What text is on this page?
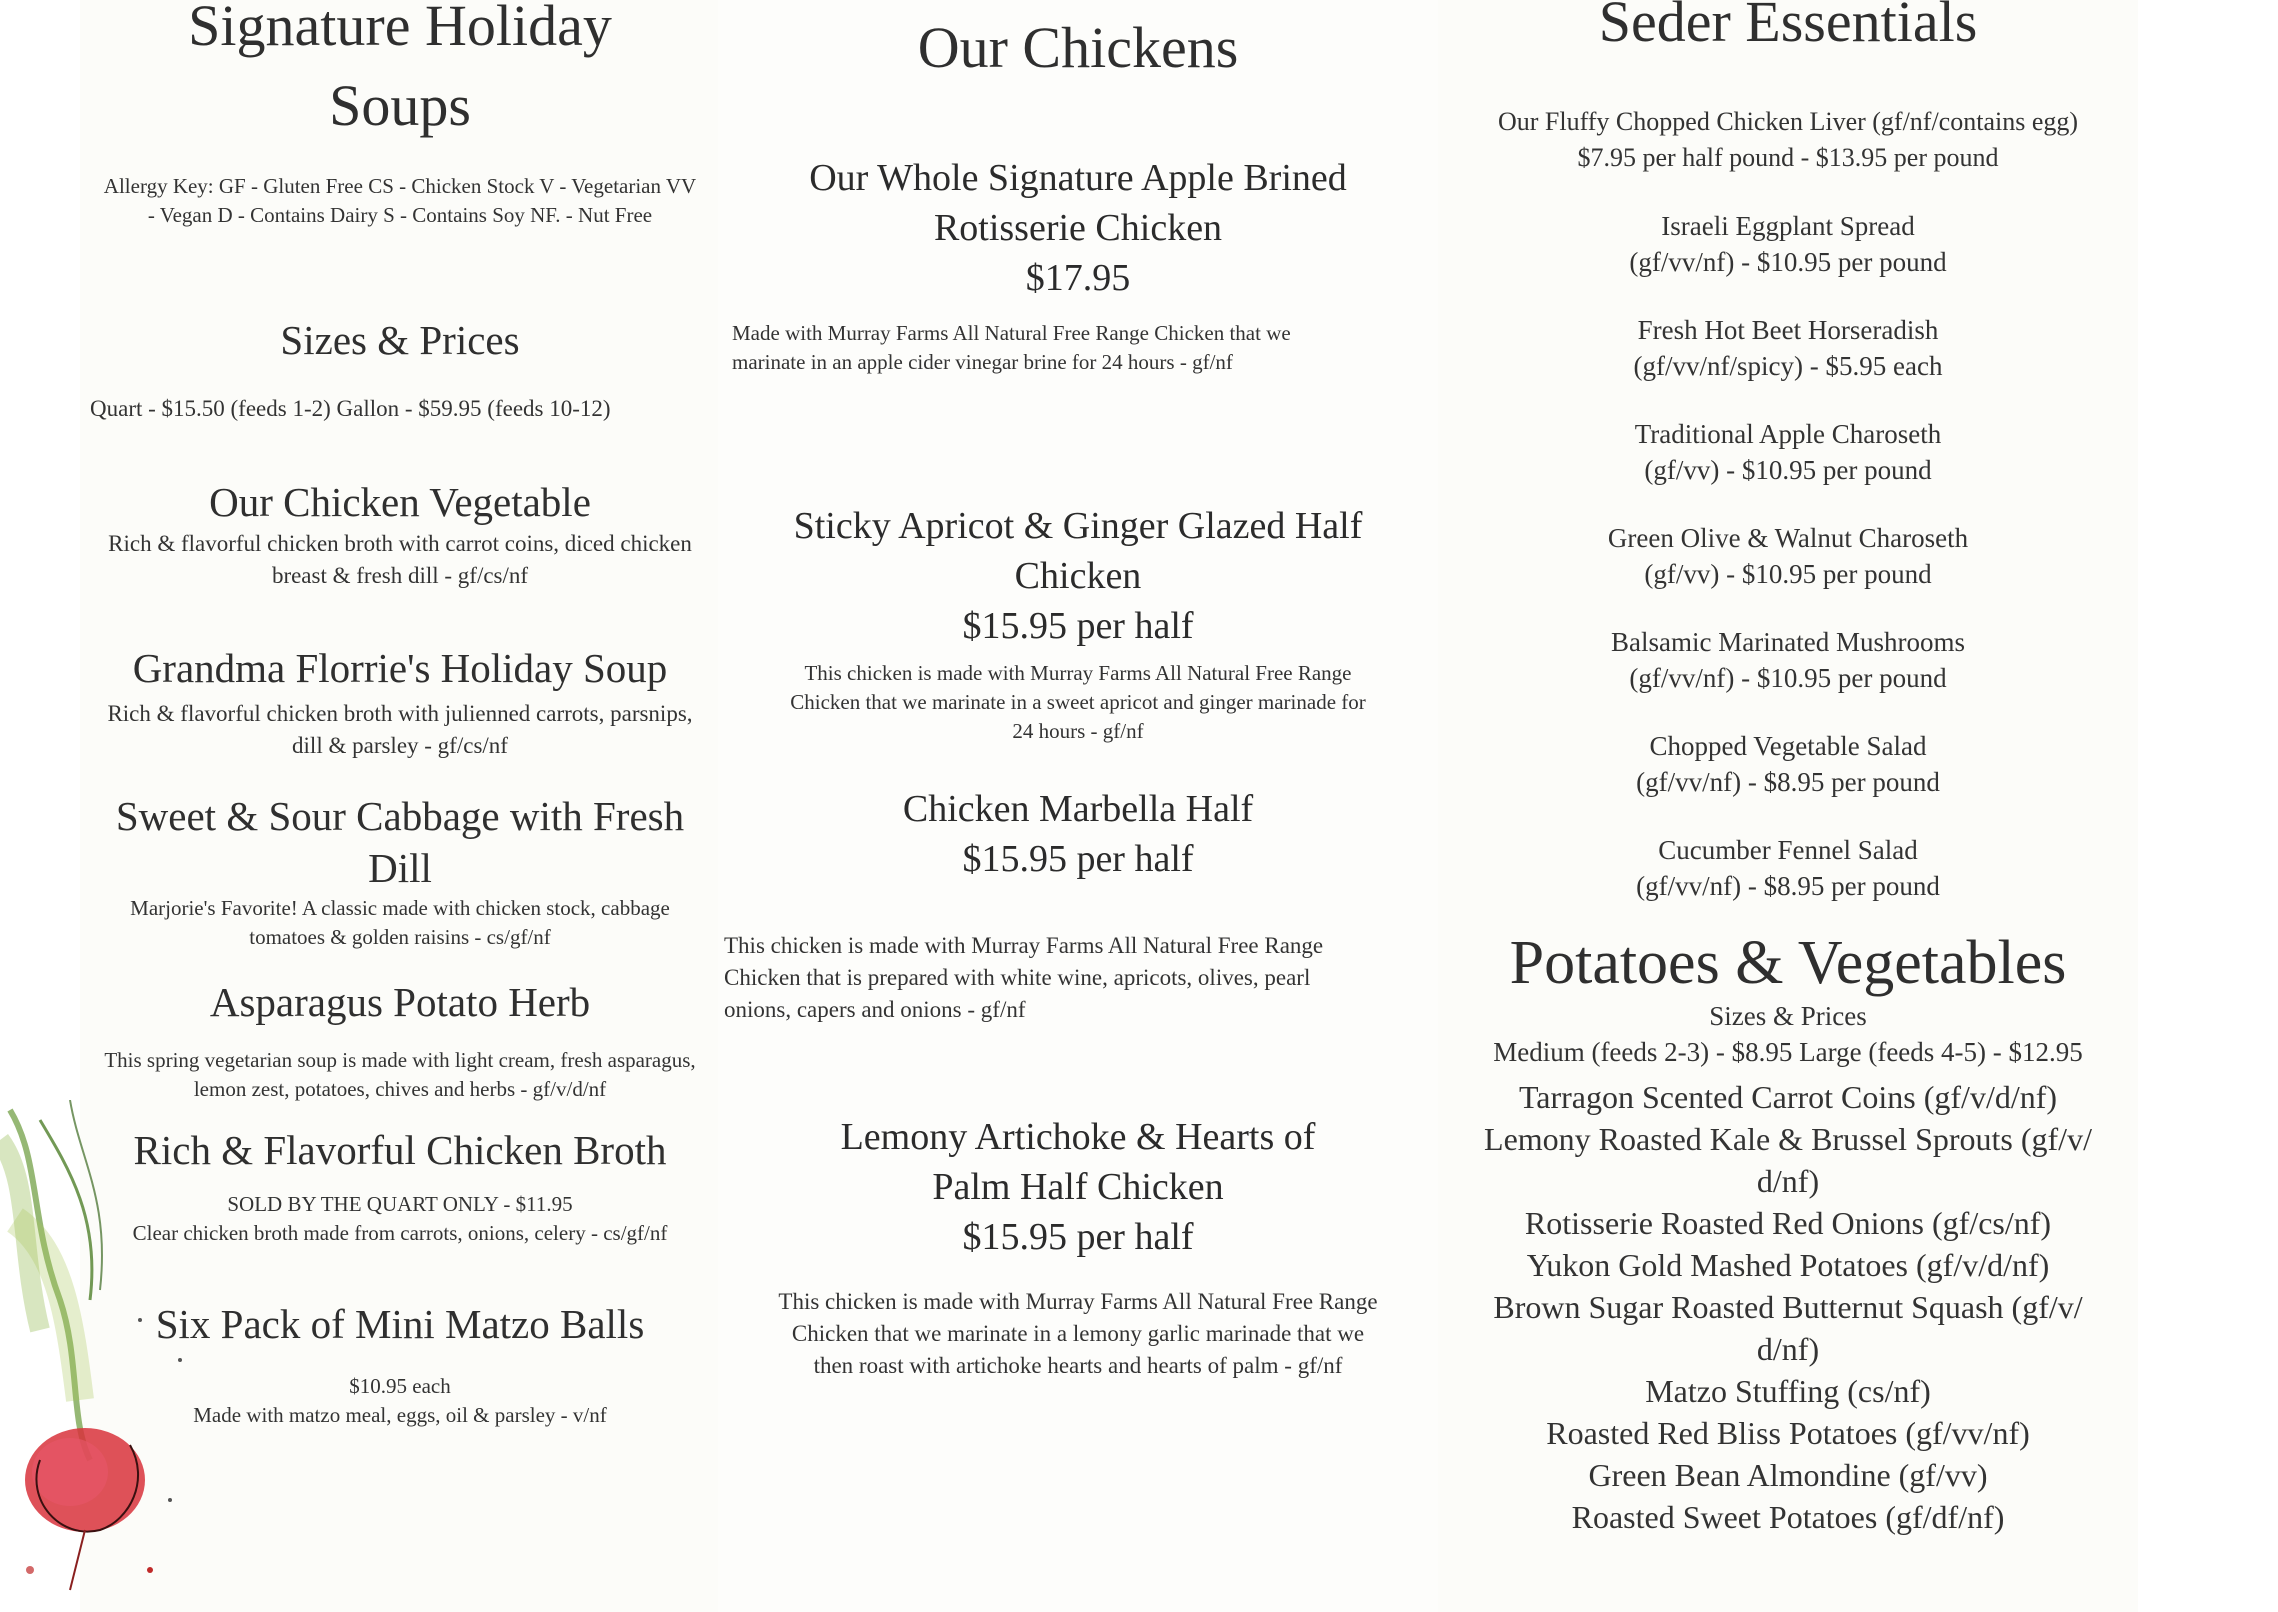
Signature Holiday Soups

Allergy Key: GF - Gluten Free CS - Chicken Stock V - Vegetarian VV - Vegan D - Contains Dairy S - Contains Soy NF. - Nut Free

Sizes & Prices

Quart - $15.50 (feeds 1-2) Gallon - $59.95 (feeds 10-12)

Our Chicken Vegetable

Rich & flavorful chicken broth with carrot coins, diced chicken breast & fresh dill - gf/cs/nf

Grandma Florrie's Holiday Soup

Rich & flavorful chicken broth with julienned carrots, parsnips, dill & parsley - gf/cs/nf

Sweet & Sour Cabbage with Fresh Dill

Marjorie's Favorite! A classic made with chicken stock, cabbage tomatoes & golden raisins - cs/gf/nf

Asparagus Potato Herb

This spring vegetarian soup is made with light cream, fresh asparagus, lemon zest, potatoes, chives and herbs - gf/v/d/nf

Rich & Flavorful Chicken Broth

SOLD BY THE QUART ONLY - $11.95

Clear chicken broth made from carrots, onions, celery - cs/gf/nf

Six Pack of Mini Matzo Balls

$10.95 each

Made with matzo meal, eggs, oil & parsley - v/nf

Our Chickens
Our Whole Signature Apple Brined Rotisserie Chicken

$17.95

Made with Murray Farms All Natural Free Range Chicken that we marinate in an apple cider vinegar brine for 24 hours - gf/nf

Sticky Apricot & Ginger Glazed Half Chicken

$15.95 per half

This chicken is made with Murray Farms All Natural Free Range Chicken that we marinate in a sweet apricot and ginger marinade for 24 hours - gf/nf

Chicken Marbella Half

$15.95 per half

This chicken is made with Murray Farms All Natural Free Range Chicken that is prepared with white wine, apricots, olives, pearl onions, capers and onions - gf/nf

Lemony Artichoke & Hearts of Palm Half Chicken

$15.95 per half

This chicken is made with Murray Farms All Natural Free Range Chicken that we marinate in a lemony garlic marinade that we then roast with artichoke hearts and hearts of palm - gf/nf

Seder Essentials

Our Fluffy Chopped Chicken Liver (gf/nf/contains egg)

$7.95 per half pound - $13.95 per pound

Israeli Eggplant Spread

(gf/vv/nf) - $10.95 per pound

Fresh Hot Beet Horseradish

(gf/vv/nf/spicy) - $5.95 each

Traditional Apple Charoseth

(gf/vv) - $10.95 per pound

Green Olive & Walnut Charoseth

(gf/vv) - $10.95 per pound

Balsamic Marinated Mushrooms

(gf/vv/nf) - $10.95 per pound

Chopped Vegetable Salad

(gf/vv/nf) - $8.95 per pound

Cucumber Fennel Salad

(gf/vv/nf) - $8.95 per pound

Potatoes & Vegetables

Sizes & Prices

Medium (feeds 2-3) - $8.95 Large (feeds 4-5) - $12.95

Tarragon Scented Carrot Coins (gf/v/d/nf)

Lemony Roasted Kale & Brussel Sprouts (gf/v/ d/nf)

Rotisserie Roasted Red Onions (gf/cs/nf)

Yukon Gold Mashed Potatoes (gf/v/d/nf)

Brown Sugar Roasted Butternut Squash (gf/v/ d/nf)

Matzo Stuffing (cs/nf)

Roasted Red Bliss Potatoes (gf/vv/nf)

Green Bean Almondine (gf/vv)

Roasted Sweet Potatoes (gf/df/nf)
